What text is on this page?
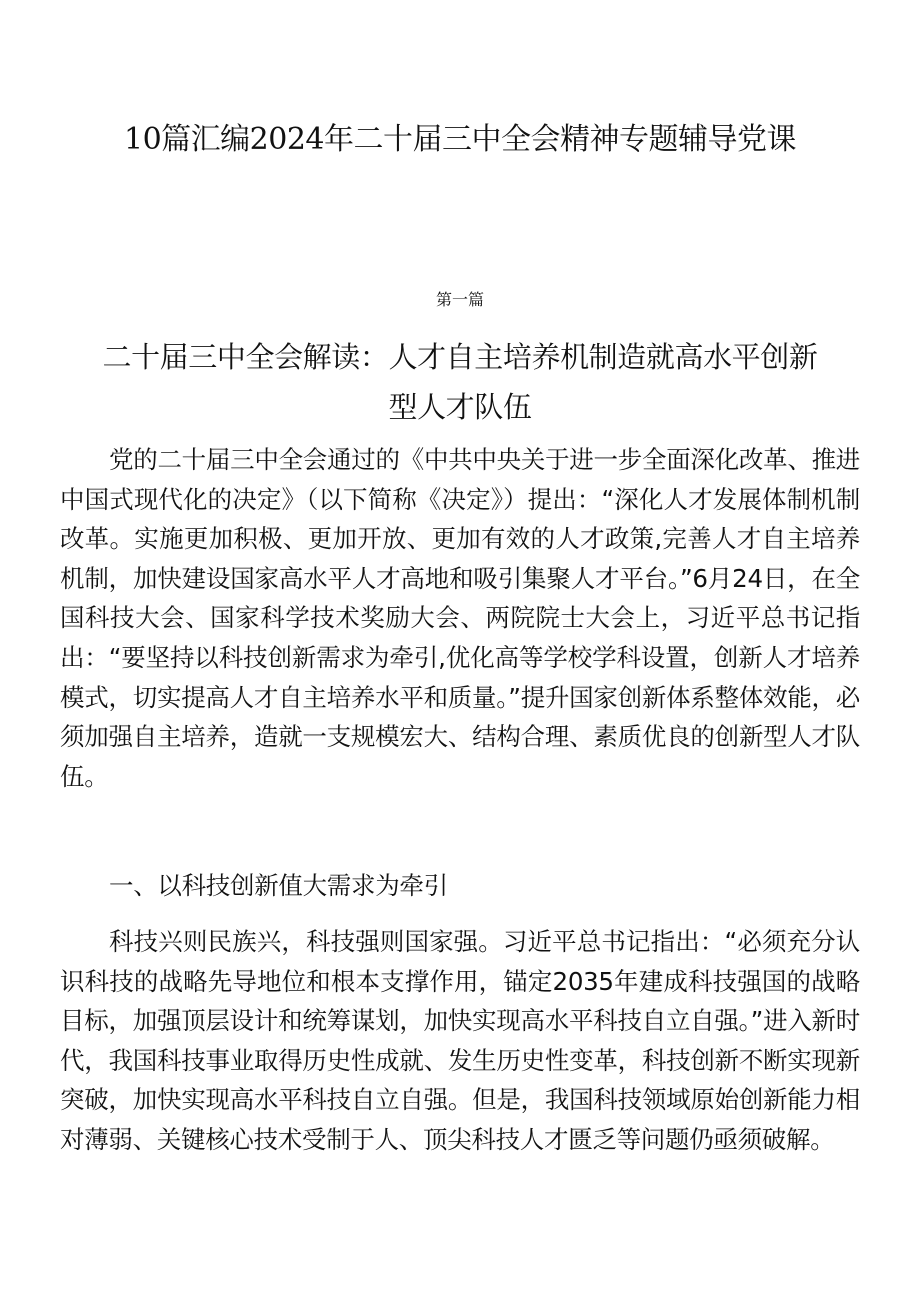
10篇汇编2024年二十届三中全会精神专题辅导党课

第一篇

二十届三中全会解读：人才自主培养机制造就高水平创新型人才队伍

党的二十届三中全会通过的《中共中央关于进一步全面深化改革、推进中国式现代化的决定》（以下简称《决定》）提出：“深化人才发展体制机制改革。实施更加积极、更加开放、更加有效的人才政策,完善人才自主培养机制，加快建设国家高水平人才高地和吸引集聚人才平台。”6月24日，在全国科技大会、国家科学技术奖励大会、两院院士大会上，习近平总书记指出：“要坚持以科技创新需求为牵引,优化高等学校学科设置，创新人才培养模式，切实提高人才自主培养水平和质量。”提升国家创新体系整体效能，必须加强自主培养，造就一支规模宏大、结构合理、素质优良的创新型人才队伍。

一、以科技创新值大需求为牵引

科技兴则民族兴，科技强则国家强。习近平总书记指出：“必须充分认识科技的战略先导地位和根本支撑作用，锚定2035年建成科技强国的战略目标，加强顶层设计和统筹谋划，加快实现高水平科技自立自强。”进入新时代，我国科技事业取得历史性成就、发生历史性变革，科技创新不断实现新突破，加快实现高水平科技自立自强。但是，我国科技领域原始创新能力相对薄弱、关键核心技术受制于人、顶尖科技人才匮乏等问题仍亟须破解。
